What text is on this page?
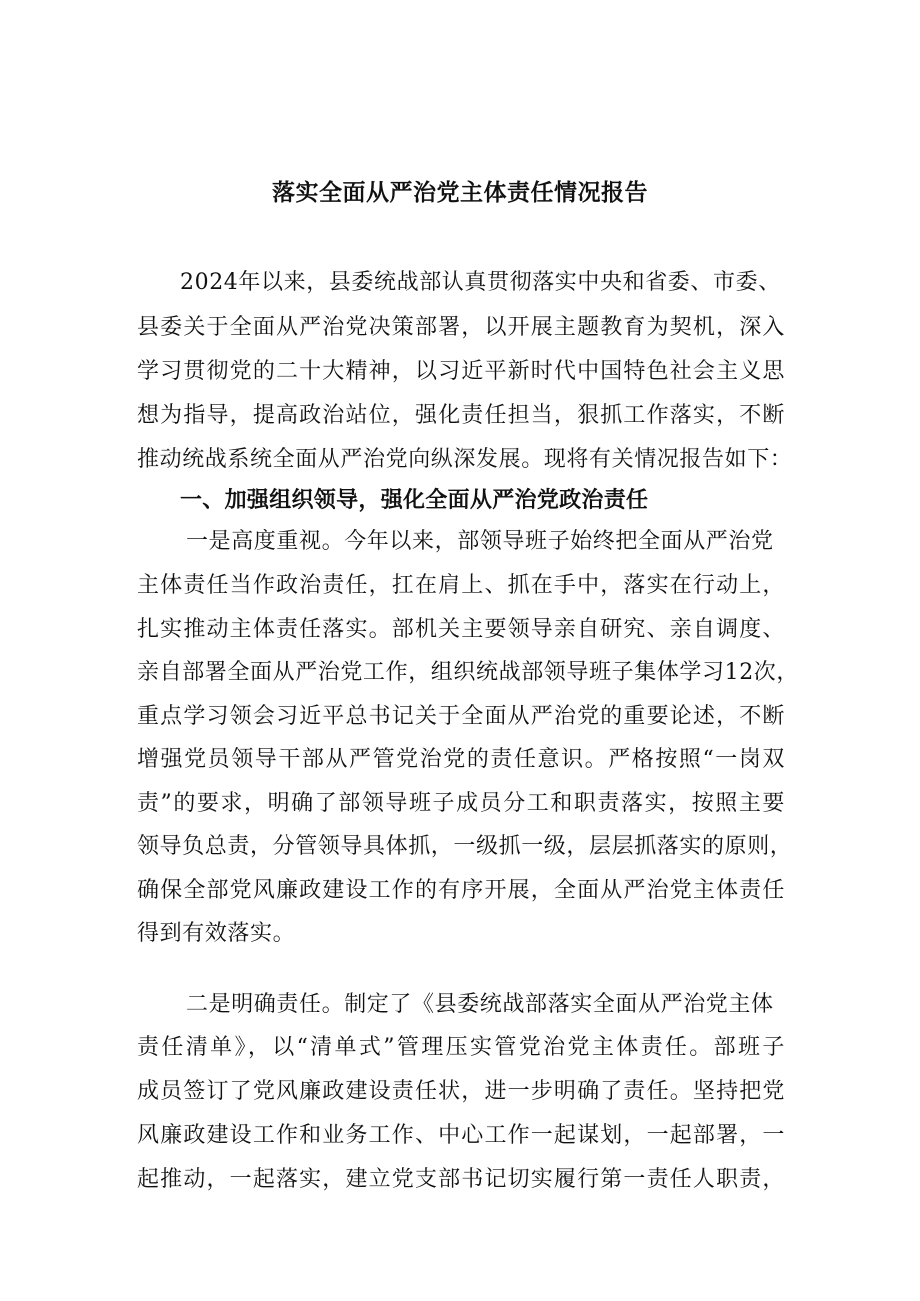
落实全面从严治党主体责任情况报告
2024年以来，县委统战部认真贯彻落实中央和省委、市委、
县委关于全面从严治党决策部署，以开展主题教育为契机，深入
学习贯彻党的二十大精神，以习近平新时代中国特色社会主义思
想为指导，提高政治站位，强化责任担当，狠抓工作落实，不断
推动统战系统全面从严治党向纵深发展。现将有关情况报告如下：
一、加强组织领导，强化全面从严治党政治责任
一是高度重视。今年以来，部领导班子始终把全面从严治党
主体责任当作政治责任，扛在肩上、抓在手中，落实在行动上，
扎实推动主体责任落实。部机关主要领导亲自研究、亲自调度、
亲自部署全面从严治党工作，组织统战部领导班子集体学习12次，
重点学习领会习近平总书记关于全面从严治党的重要论述，不断
增强党员领导干部从严管党治党的责任意识。严格按照“一岗双
责”的要求，明确了部领导班子成员分工和职责落实，按照主要
领导负总责，分管领导具体抓，一级抓一级，层层抓落实的原则，
确保全部党风廉政建设工作的有序开展，全面从严治党主体责任
得到有效落实。
二是明确责任。制定了《县委统战部落实全面从严治党主体
责任清单》，以“清单式”管理压实管党治党主体责任。部班子
成员签订了党风廉政建设责任状，进一步明确了责任。坚持把党
风廉政建设工作和业务工作、中心工作一起谋划，一起部署，一
起推动，一起落实，建立党支部书记切实履行第一责任人职责，
